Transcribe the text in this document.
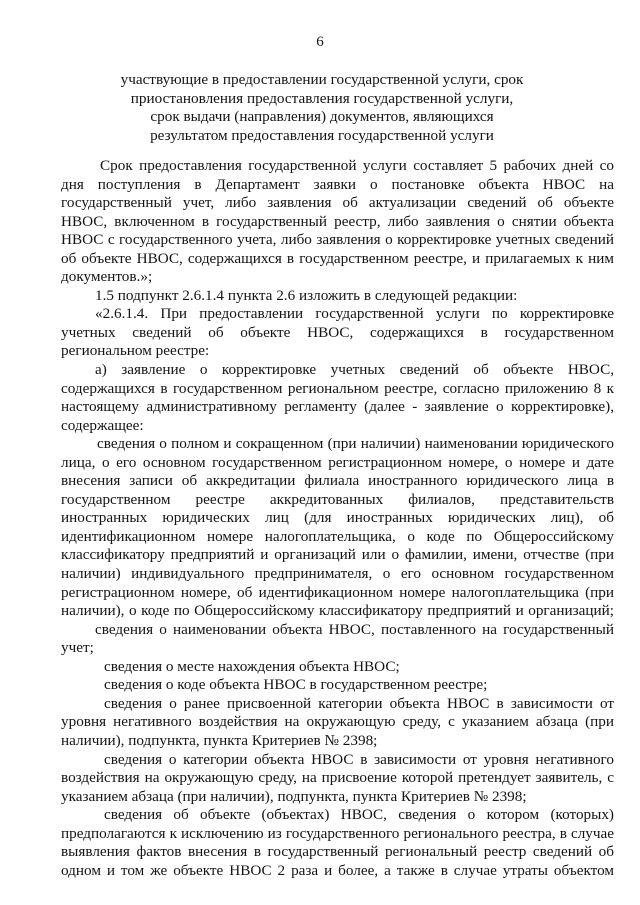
6
участвующие в предоставлении государственной услуги, срок
приостановления предоставления государственной услуги,
срок выдачи (направления) документов, являющихся
результатом предоставления государственной услуги
Срок предоставления государственной услуги составляет 5 рабочих дней со
дня поступления в Департамент заявки о постановке объекта НВОС на
государственный учет, либо заявления об актуализации сведений об объекте
НВОС, включенном в государственный реестр, либо заявления о снятии объекта
НВОС с государственного учета, либо заявления о корректировке учетных сведений
об объекте НВОС, содержащихся в государственном реестре, и прилагаемых к ним
документов.»;
1.5 подпункт 2.6.1.4 пункта 2.6 изложить в следующей редакции:
«2.6.1.4. При предоставлении государственной услуги по корректировке
учетных сведений об объекте НВОС, содержащихся в государственном
региональном реестре:
а) заявление о корректировке учетных сведений об объекте НВОС,
содержащихся в государственном региональном реестре, согласно приложению 8 к
настоящему административному регламенту (далее - заявление о корректировке),
содержащее:
сведения о полном и сокращенном (при наличии) наименовании юридического
лица, о его основном государственном регистрационном номере, о номере и дате
внесения записи об аккредитации филиала иностранного юридического лица в
государственном реестре аккредитованных филиалов, представительств
иностранных юридических лиц (для иностранных юридических лиц), об
идентификационном номере налогоплательщика, о коде по Общероссийскому
классификатору предприятий и организаций или о фамилии, имени, отчестве (при
наличии) индивидуального предпринимателя, о его основном государственном
регистрационном номере, об идентификационном номере налогоплательщика (при
наличии), о коде по Общероссийскому классификатору предприятий и организаций;
сведения о наименовании объекта НВОС, поставленного на государственный
учет;
сведения о месте нахождения объекта НВОС;
сведения о коде объекта НВОС в государственном реестре;
сведения о ранее присвоенной категории объекта НВОС в зависимости от
уровня негативного воздействия на окружающую среду, с указанием абзаца (при
наличии), подпункта, пункта Критериев № 2398;
сведения о категории объекта НВОС в зависимости от уровня негативного
воздействия на окружающую среду, на присвоение которой претендует заявитель, с
указанием абзаца (при наличии), подпункта, пункта Критериев № 2398;
сведения об объекте (объектах) НВОС, сведения о котором (которых)
предполагаются к исключению из государственного регионального реестра, в случае
выявления фактов внесения в государственный региональный реестр сведений об
одном и том же объекте НВОС 2 раза и более, а также в случае утраты объектом
